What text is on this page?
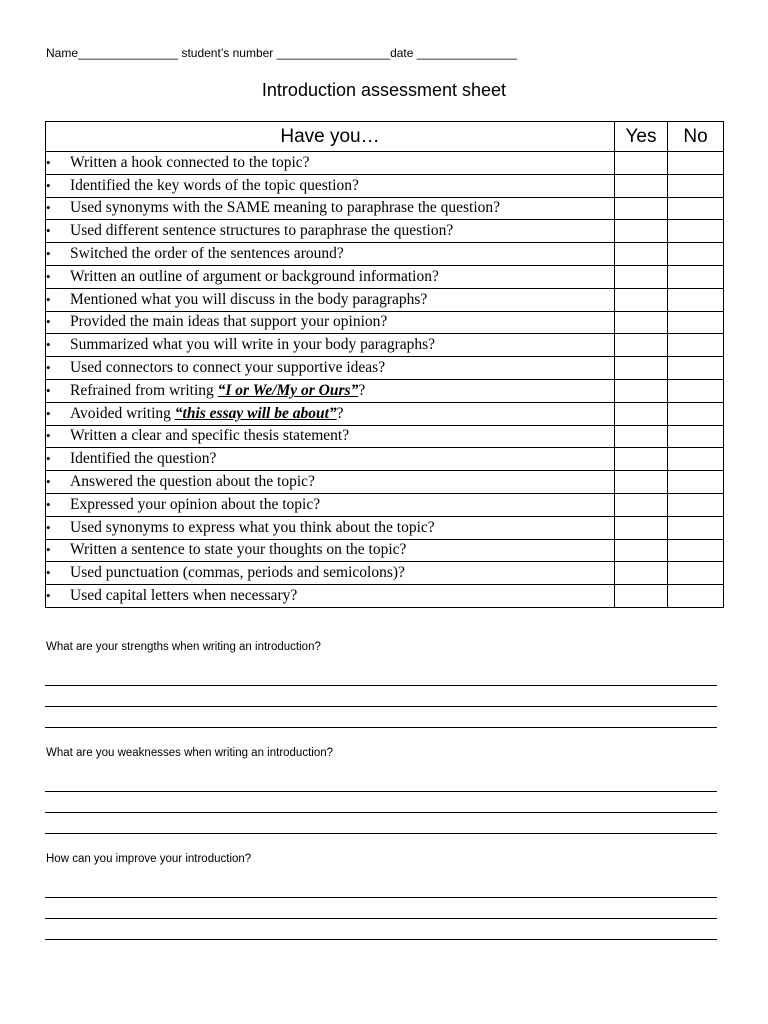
Name_______________ student’s number _________________date _______________
Introduction assessment sheet
Have you…	Yes	No
• Written a hook connected to the topic?		
• Identified the key words of the topic question?		
• Used synonyms with the SAME meaning to paraphrase the question?		
• Used different sentence structures to paraphrase the question?		
• Switched the order of the sentences around?		
• Written an outline of argument or background information?		
• Mentioned what you will discuss in the body paragraphs?		
• Provided the main ideas that support your opinion?		
• Summarized what you will write in your body paragraphs?		
• Used connectors to connect your supportive ideas?		
• Refrained from writing “I or We/My or Ours”?		
• Avoided writing “this essay will be about”?		
• Written a clear and specific thesis statement?		
• Identified the question?		
• Answered the question about the topic?		
• Expressed your opinion about the topic?		
• Used synonyms to express what you think about the topic?		
• Written a sentence to state your thoughts on the topic?		
• Used punctuation (commas, periods and semicolons)?		
• Used capital letters when necessary?		
What are your strengths when writing an introduction?
What are you weaknesses when writing an introduction?
How can you improve your introduction?
